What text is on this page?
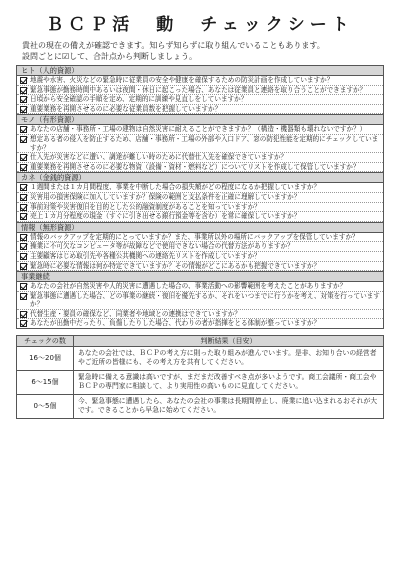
ＢＣＰ活　動　チェックシート
貴社の現在の備えが確認できます。知らず知らずに取り組んでいることもあります。
設問ごとに☑して、合計点から判断しましょう。
ヒト（人的資源）
地震や水害、火災などの緊急時に従業員の安全や健康を確保するための防災計画を作成していますか？
緊急事態が勤務時間中あるいは夜間・休日に起こった場合、あなたは従業員と連絡を取り合うことができますか？
日頃から安全確認の手順を定め、定期的に訓練や見直しをしていますか？
重要業務を再開させるのに必要な従業員数を把握していますか？
モノ（有形資源）
あなたの店舗・事務所・工場の建物は自然災害に耐えることができますか？（構造・機器類も壊れないですか？）
想定ある者の侵入を防止するため、店舗・事務所・工場の外部や入口ドア、窓の防犯性能を定期的にチェックしていますか？
仕入先が災害などに遭い、調達が難しい時のために代替仕入先を確保できていますか？
重要業務を再開させるのに必要な物資（設備・資材・燃料など）についてリストを作成して保管していますか？
カネ（金銭的資源）
１週間または１カ月間程度、事業を中断した場合の損失額がどの程度になるか把握していますか？
災害用の損害保険に加入していますか？保険の範囲と支払条件を正確に理解していますか？
事前対策や災害復旧を目的とした公的融資制度があることを知っていますか？
売上１カ月分程度の現金（すぐに引き出せる銀行預金等を含む）を常に確保していますか？
情報（無形資源）
情報のバックアップを定期的にとっていますか？また、事業所以外の場所にバックアップを保管していますか？
操業に不可欠なコンピュータ等が故障などで使用できない場合の代替方法がありますか？
主要顧客はじめ取引先や各種公共機関への連絡先リストを作成していますか？
緊急時に必要な情報は何か特定できていますか？その情報がどこにあるかも把握できていますか？
事業継続
あなたの会社が自然災害や人的災害に遭遇した場合の、事業活動への影響範囲を考えたことがありますか？
緊急事態に遭遇した場合、どの事業の継続・復旧を優先するか、それをいつまでに行うかを考え、対策を行っていますか？
代替生産・要員の確保など、同業者や地域との連携はできていますか？
あなたが出勤中だったり、負傷したりした場合、代わりの者が指揮をとる体制が整っていますか？
チェックの数	判断結果（目安）
16～20個
あなたの会社では、ＢＣＰの考え方に則った取り組みが進んでいます。是非、お知り合いの経営者やご近所の皆様にも、その考え方を共有してください。
6～15個
緊急時に備える意識は高いですが、まだまだ改善すべき点が多いようです。商工会議所・商工会やＢＣＰの専門家に相談して、より実用性の高いものに見直してください。
0～5個
今、緊急事態に遭遇したら、あなたの会社の事業は長期間停止し、廃業に追い込まれるおそれが大です。できることから早急に始めてください。
